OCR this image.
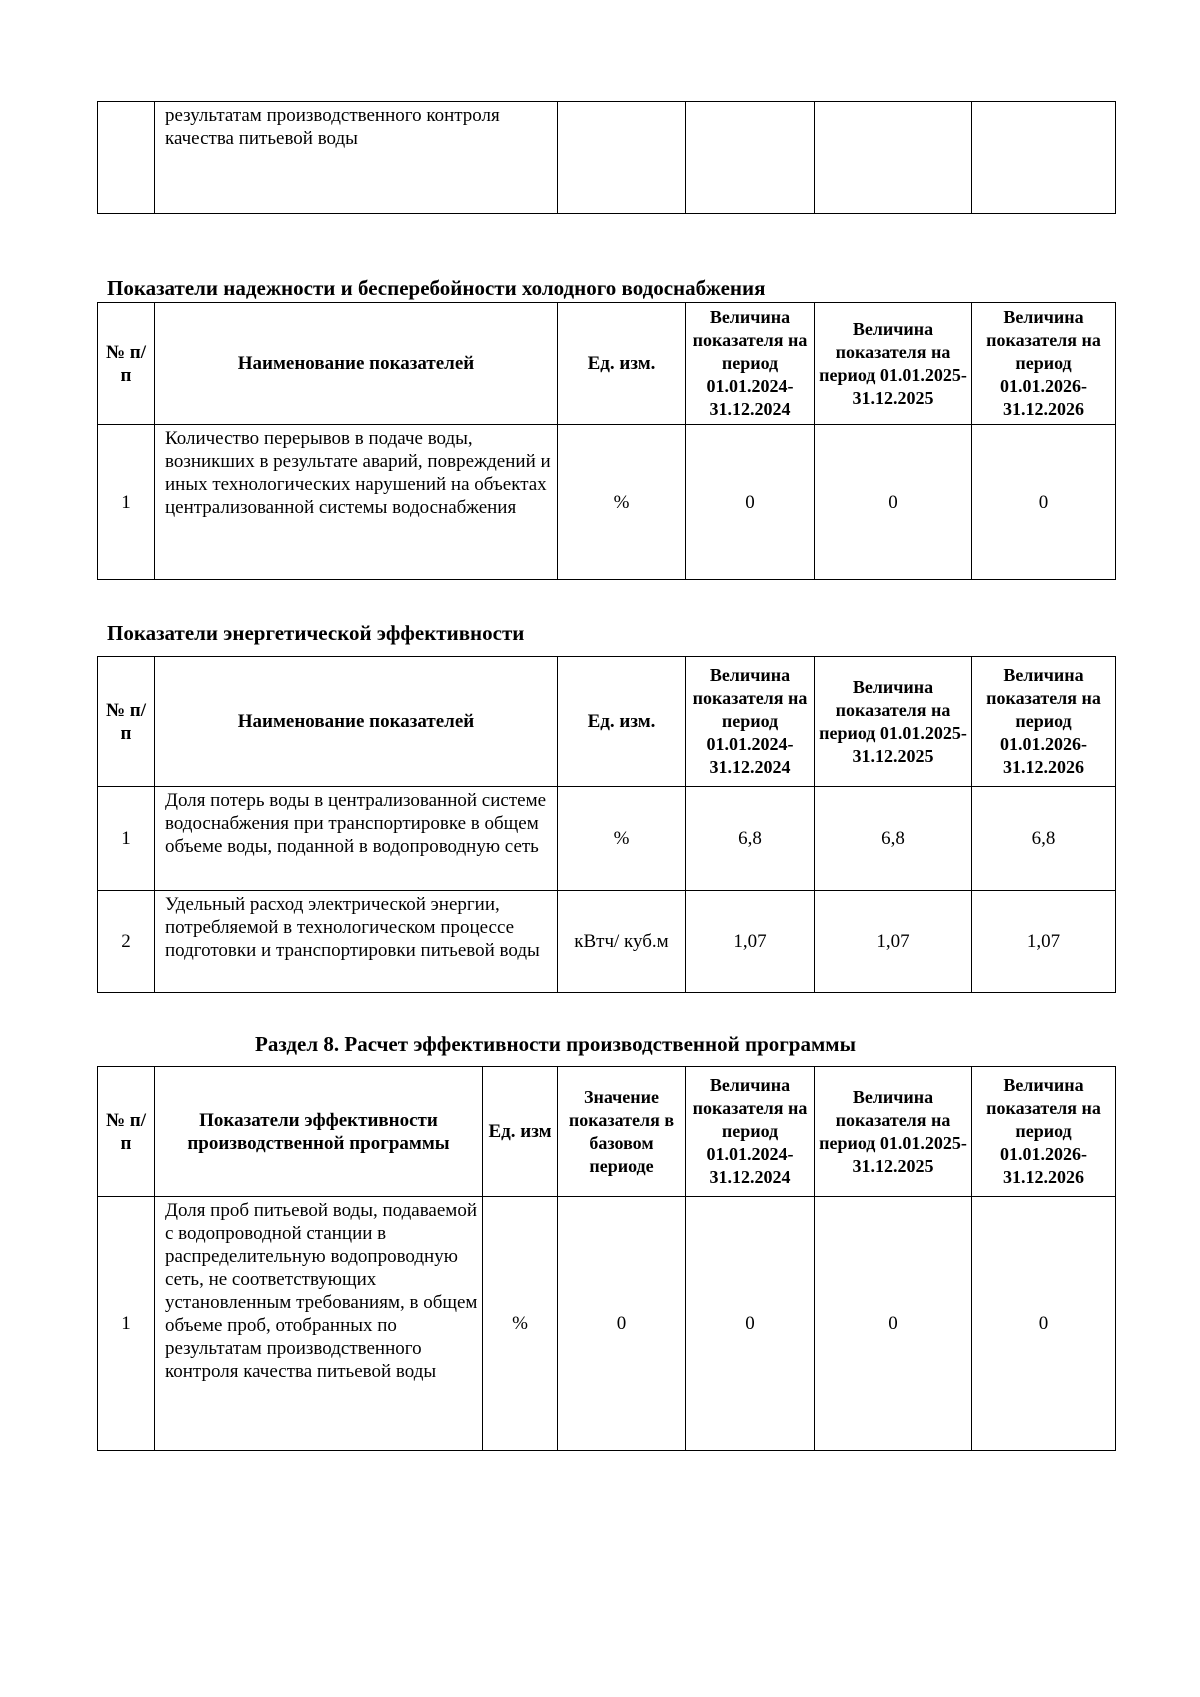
	результатам производственного контроля качества питьевой воды				
Показатели надежности и бесперебойности холодного водоснабжения
№ п/п	Наименование показателей	Ед. изм.	Величина показателя на период 01.01.2024-31.12.2024	Величина показателя на период 01.01.2025-31.12.2025	Величина показателя на период 01.01.2026-31.12.2026
1	Количество перерывов в подаче воды, возникших в результате аварий, повреждений и иных технологических нарушений на объектах централизованной системы водоснабжения	%	0	0	0
Показатели энергетической эффективности
№ п/п	Наименование показателей	Ед. изм.	Величина показателя на период 01.01.2024-31.12.2024	Величина показателя на период 01.01.2025-31.12.2025	Величина показателя на период 01.01.2026-31.12.2026
1	Доля потерь воды в централизованной системе водоснабжения при транспортировке в общем объеме воды, поданной в водопроводную сеть	%	6,8	6,8	6,8
2	Удельный расход электрической энергии, потребляемой в технологическом процессе подготовки и транспортировки питьевой воды	кВтч/ куб.м	1,07	1,07	1,07
Раздел 8. Расчет эффективности производственной программы
№ п/п	Показатели эффективности производственной программы	Ед. изм	Значение показателя в базовом периоде	Величина показателя на период 01.01.2024-31.12.2024	Величина показателя на период 01.01.2025-31.12.2025	Величина показателя на период 01.01.2026-31.12.2026
1	Доля проб питьевой воды, подаваемой с водопроводной станции в распределительную водопроводную сеть, не соответствующих установленным требованиям, в общем объеме проб, отобранных по результатам производственного контроля качества питьевой воды	%	0	0	0	0
